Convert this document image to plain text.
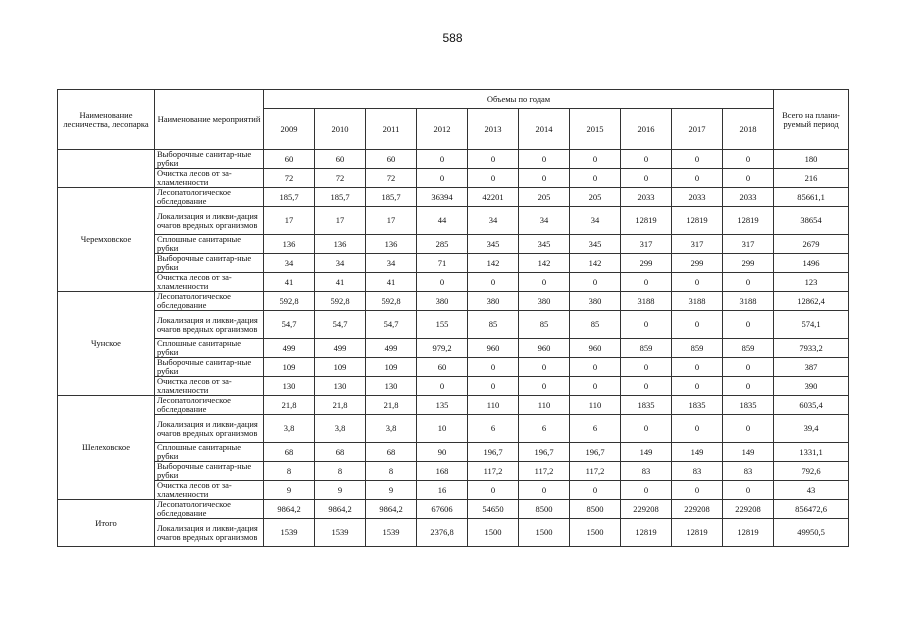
588
Наименование лесничества, лесопарка	Наименование мероприятий	Объемы по годам										Всего на плани-руемый период
		2009	2010	2011	2012	2013	2014	2015	2016	2017	2018	
	Выборочные санитар-ные рубки	60	60	60	0	0	0	0	0	0	0	180
	Очистка лесов от за-хламленности	72	72	72	0	0	0	0	0	0	0	216
Черемховское	Лесопатологическое обследование	185,7	185,7	185,7	36394	42201	205	205	2033	2033	2033	85661,1
	Локализация и ликви-дация очагов вредных организмов	17	17	17	44	34	34	34	12819	12819	12819	38654
	Сплошные санитарные рубки	136	136	136	285	345	345	345	317	317	317	2679
	Выборочные санитар-ные рубки	34	34	34	71	142	142	142	299	299	299	1496
	Очистка лесов от за-хламленности	41	41	41	0	0	0	0	0	0	0	123
Чунское	Лесопатологическое обследование	592,8	592,8	592,8	380	380	380	380	3188	3188	3188	12862,4
	Локализация и ликви-дация очагов вредных организмов	54,7	54,7	54,7	155	85	85	85	0	0	0	574,1
	Сплошные санитарные рубки	499	499	499	979,2	960	960	960	859	859	859	7933,2
	Выборочные санитар-ные рубки	109	109	109	60	0	0	0	0	0	0	387
	Очистка лесов от за-хламленности	130	130	130	0	0	0	0	0	0	0	390
Шелеховское	Лесопатологическое обследование	21,8	21,8	21,8	135	110	110	110	1835	1835	1835	6035,4
	Локализация и ликви-дация очагов вредных организмов	3,8	3,8	3,8	10	6	6	6	0	0	0	39,4
	Сплошные санитарные рубки	68	68	68	90	196,7	196,7	196,7	149	149	149	1331,1
	Выборочные санитар-ные рубки	8	8	8	168	117,2	117,2	117,2	83	83	83	792,6
	Очистка лесов от за-хламленности	9	9	9	16	0	0	0	0	0	0	43
Итого	Лесопатологическое обследование	9864,2	9864,2	9864,2	67606	54650	8500	8500	229208	229208	229208	856472,6
	Локализация и ликви-дация очагов вредных организмов	1539	1539	1539	2376,8	1500	1500	1500	12819	12819	12819	49950,5
